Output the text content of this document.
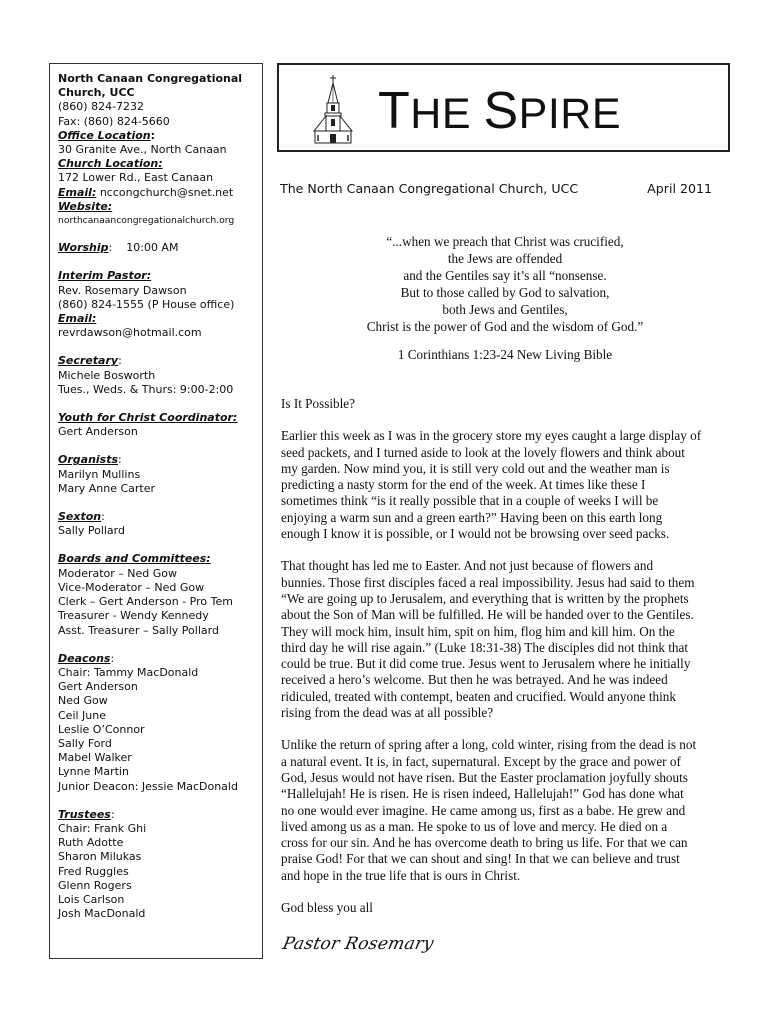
North Canaan Congregational
Church, UCC
(860) 824-7232
Fax: (860) 824-5660
Office Location:
30 Granite Ave., North Canaan
Church Location:
172 Lower Rd., East Canaan
Email: nccongchurch@snet.net
Website:
northcanaancongregationalchurch.org
Worship:    10:00 AM
Interim Pastor:
Rev. Rosemary Dawson
(860) 824-1555 (P House office)
Email:
revrdawson@hotmail.com
Secretary:
Michele Bosworth
Tues., Weds. & Thurs: 9:00-2:00
Youth for Christ Coordinator:
Gert Anderson
Organists:
Marilyn Mullins
Mary Anne Carter
Sexton:
Sally Pollard
Boards and Committees:
Moderator – Ned Gow
Vice-Moderator – Ned Gow
Clerk – Gert Anderson - Pro Tem
Treasurer - Wendy Kennedy
Asst. Treasurer – Sally Pollard
Deacons:
Chair: Tammy MacDonald
Gert Anderson
Ned Gow
Ceil June
Leslie O’Connor
Sally Ford
Mabel Walker
Lynne Martin
Junior Deacon: Jessie MacDonald
Trustees:
Chair: Frank Ghi
Ruth Adotte
Sharon Milukas
Fred Ruggles
Glenn Rogers
Lois Carlson
Josh MacDonald
THE SPIRE
The North Canaan Congregational Church, UCC	April 2011
“...when we preach that Christ was crucified,
the Jews are offended
and the Gentiles say it’s all “nonsense.
But to those called by God to salvation,
both Jews and Gentiles,
Christ is the power of God and the wisdom of God.”
1 Corinthians 1:23-24 New Living Bible
Is It Possible?
Earlier this week as I was in the grocery store my eyes caught a large display of
seed packets, and I turned aside to look at the lovely flowers and think about
my garden. Now mind you, it is still very cold out and the weather man is
predicting a nasty storm for the end of the week. At times like these I
sometimes think “is it really possible that in a couple of weeks I will be
enjoying a warm sun and a green earth?” Having been on this earth long
enough I know it is possible, or I would not be browsing over seed packs.
That thought has led me to Easter. And not just because of flowers and
bunnies. Those first disciples faced a real impossibility. Jesus had said to them
“We are going up to Jerusalem, and everything that is written by the prophets
about the Son of Man will be fulfilled. He will be handed over to the Gentiles.
They will mock him, insult him, spit on him, flog him and kill him. On the
third day he will rise again.” (Luke 18:31-38) The disciples did not think that
could be true. But it did come true. Jesus went to Jerusalem where he initially
received a hero’s welcome. But then he was betrayed. And he was indeed
ridiculed, treated with contempt, beaten and crucified. Would anyone think
rising from the dead was at all possible?
Unlike the return of spring after a long, cold winter, rising from the dead is not
a natural event. It is, in fact, supernatural. Except by the grace and power of
God, Jesus would not have risen. But the Easter proclamation joyfully shouts
“Hallelujah! He is risen. He is risen indeed, Hallelujah!” God has done what
no one would ever imagine. He came among us, first as a babe. He grew and
lived among us as a man. He spoke to us of love and mercy. He died on a
cross for our sin. And he has overcome death to bring us life. For that we can
praise God! For that we can shout and sing! In that we can believe and trust
and hope in the true life that is ours in Christ.
God bless you all
Pastor Rosemary
